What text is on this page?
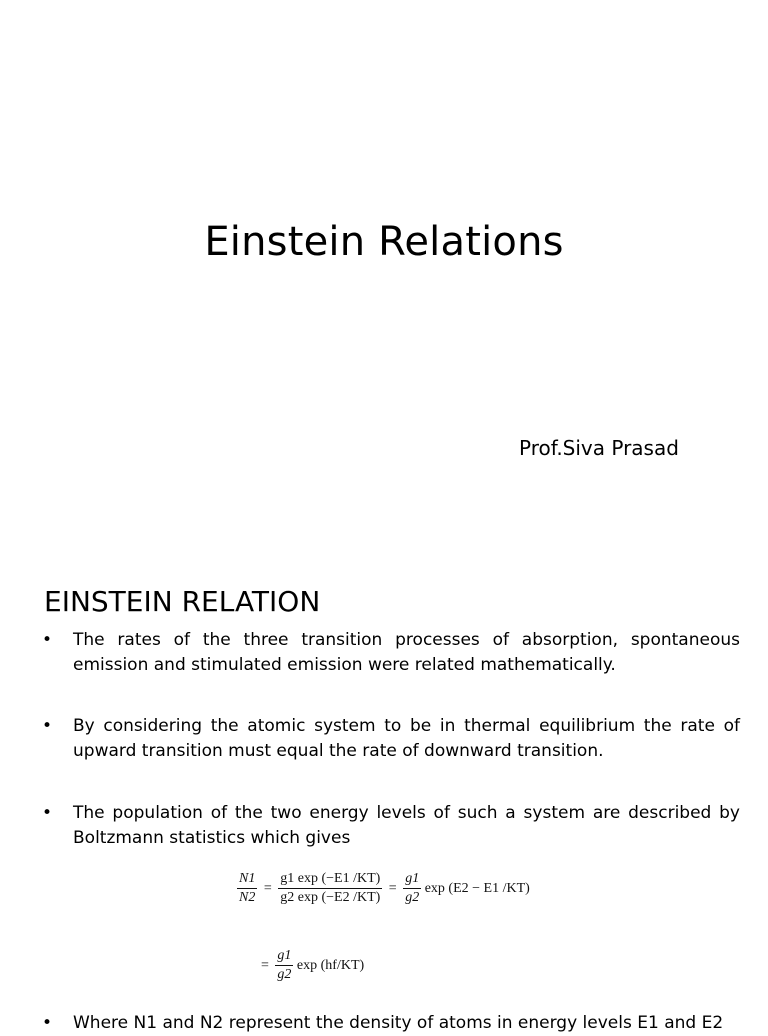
Einstein Relations
Prof.Siva Prasad
EINSTEIN RELATION
• The rates of the three transition processes of absorption, spontaneous emission and stimulated emission were related mathematically.
• By considering the atomic system to be in thermal equilibrium the rate of upward transition must equal the rate of downward transition.
• The population of the two energy levels of such a system are described by Boltzmann statistics which gives
$\frac{N1}{N2} = \frac{g1 \exp (-E1 /KT)}{g2 \exp (-E2 /KT)} = \frac{g1}{g2}$ exp (E2 − E1 /KT)
= $\frac{g1}{g2}$ exp (hf/KT)
• Where N1 and N2 represent the density of atoms in energy levels E1 and E2
